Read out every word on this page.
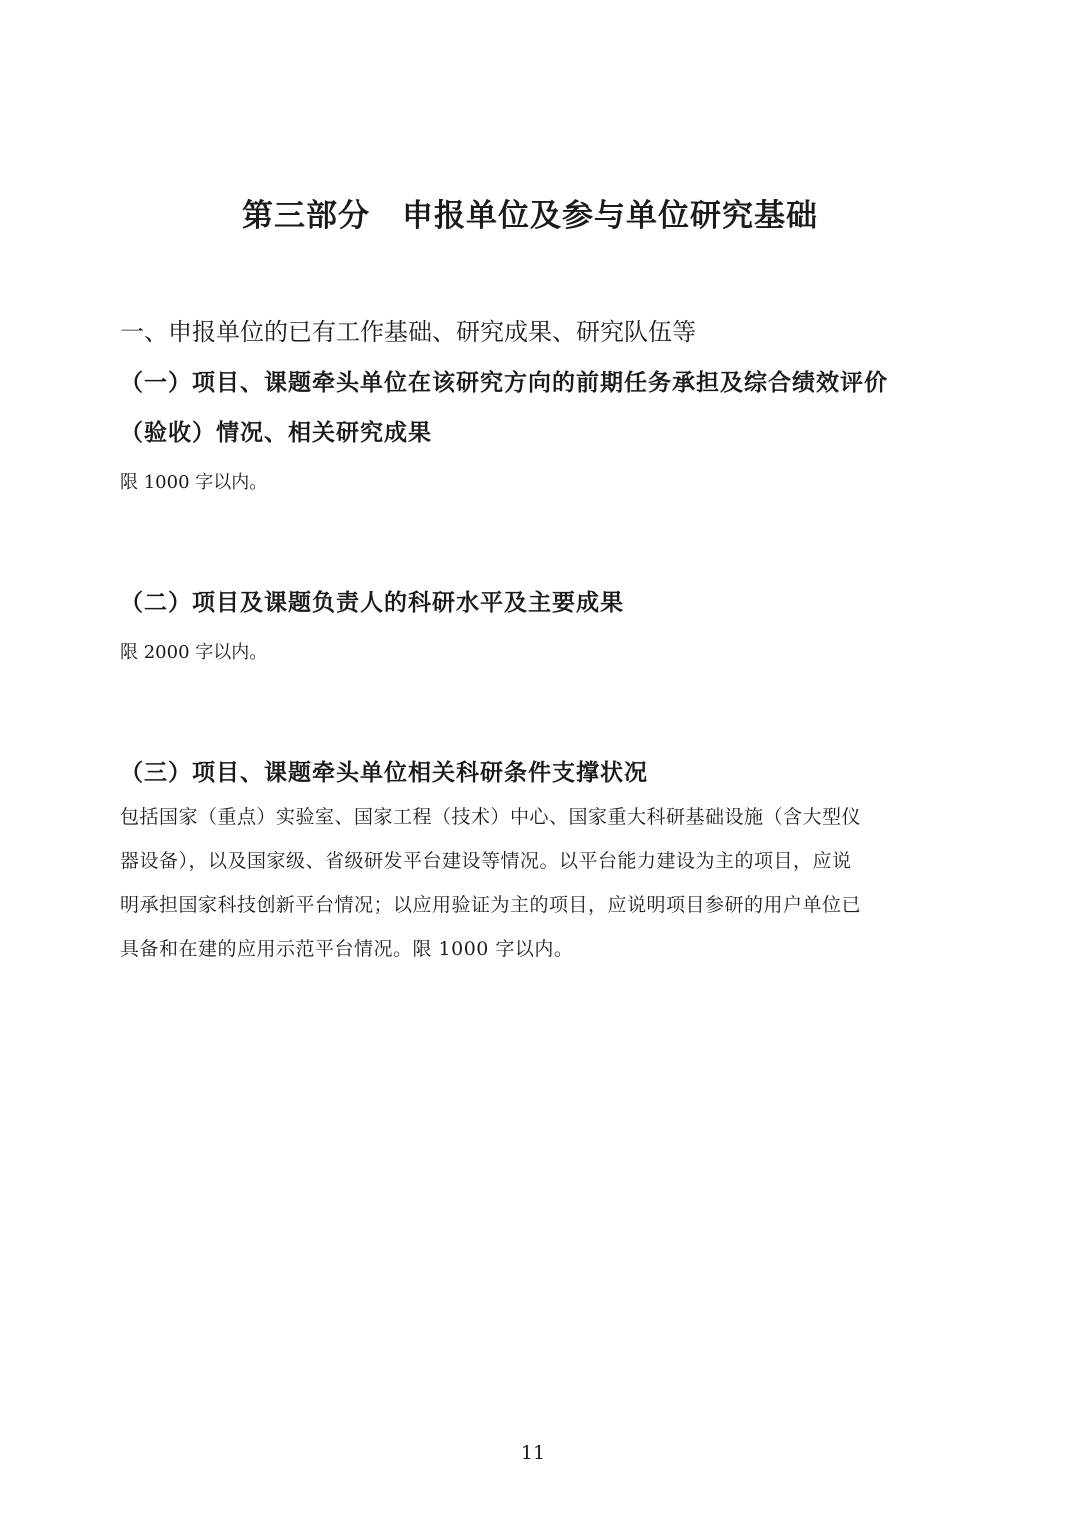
第三部分　申报单位及参与单位研究基础
一、申报单位的已有工作基础、研究成果、研究队伍等
（一）项目、课题牵头单位在该研究方向的前期任务承担及综合绩效评价
（验收）情况、相关研究成果
限 1000 字以内。
（二）项目及课题负责人的科研水平及主要成果
限 2000 字以内。
（三）项目、课题牵头单位相关科研条件支撑状况
包括国家（重点）实验室、国家工程（技术）中心、国家重大科研基础设施（含大型仪
器设备），以及国家级、省级研发平台建设等情况。以平台能力建设为主的项目，应说
明承担国家科技创新平台情况；以应用验证为主的项目，应说明项目参研的用户单位已
具备和在建的应用示范平台情况。限 1000 字以内。
11
